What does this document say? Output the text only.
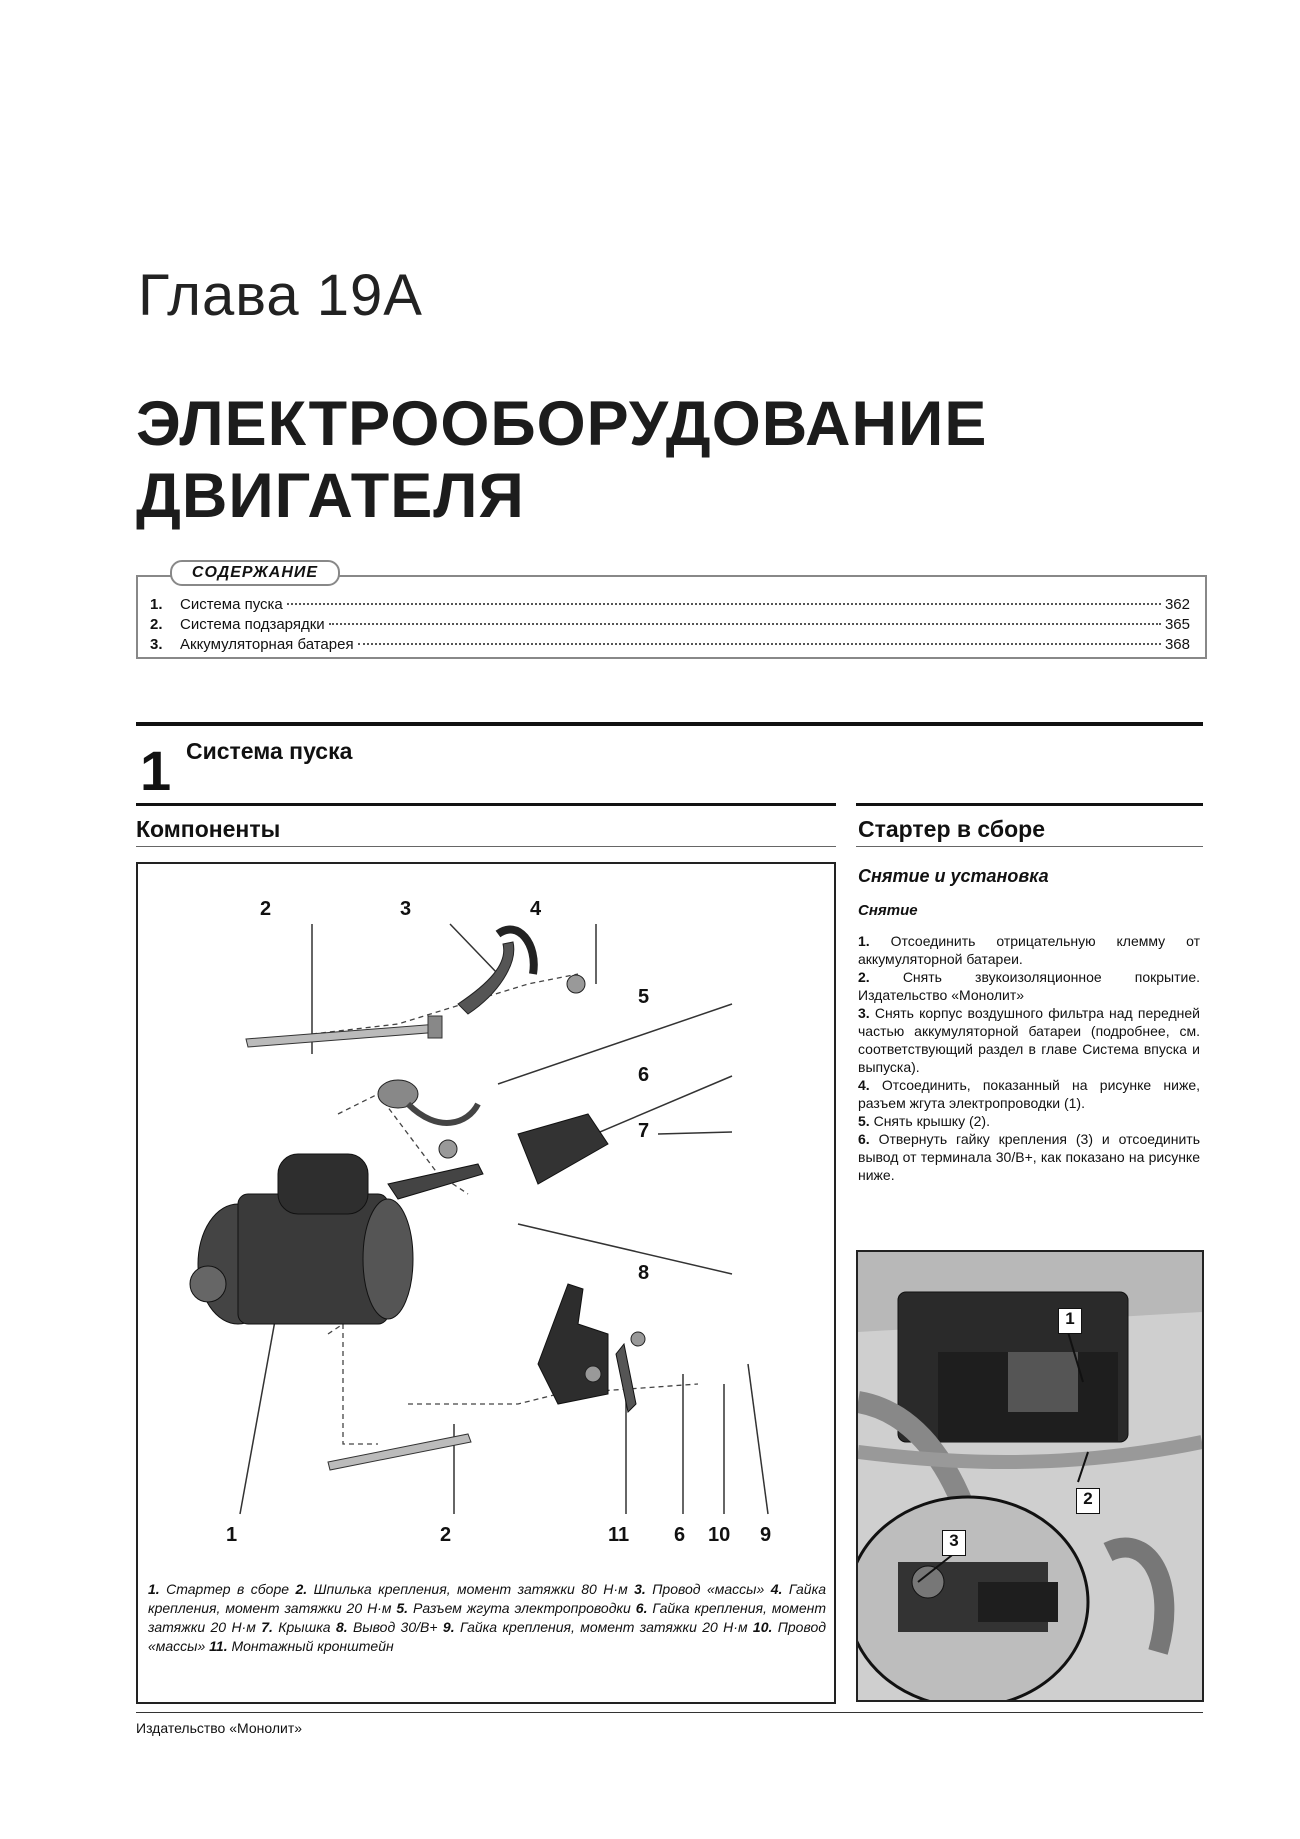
Глава 19А
ЭЛЕКТРООБОРУДОВАНИЕ
ДВИГАТЕЛЯ
СОДЕРЖАНИЕ
1.	Система пуска	362
2.	Система подзарядки	365
3.	Аккумуляторная батарея	368
1 Система пуска
Компоненты	Стартер в сборе
2	3	4
5
6
7
8
1	2	11 6 10 9
1. Стартер в сборе 2. Шпилька крепления, момент затяжки 80 Н·м 3. Провод «массы» 4. Гайка крепления, момент затяжки 20 Н·м 5. Разъем жгута электропроводки 6. Гайка крепления, момент затяжки 20 Н·м 7. Крышка 8. Вывод 30/B+ 9. Гайка крепления, момент затяжки 20 Н·м 10. Провод «массы» 11. Монтажный кронштейн
Снятие и установка
Снятие

1. Отсоединить отрицательную клемму от аккумуляторной батареи.

2. Снять звукоизоляционное покрытие. Издательство «Монолит»

3. Снять корпус воздушного фильтра над передней частью аккумуляторной батареи (подробнее, см. соответствующий раздел в главе Система впуска и выпуска).

4. Отсоединить, показанный на рисунке ниже, разъем жгута электропроводки (1).

5. Снять крышку (2).

6. Отвернуть гайку крепления (3) и отсоединить вывод от терминала 30/B+, как показано на рисунке ниже.

1
2
3
Издательство «Монолит»
